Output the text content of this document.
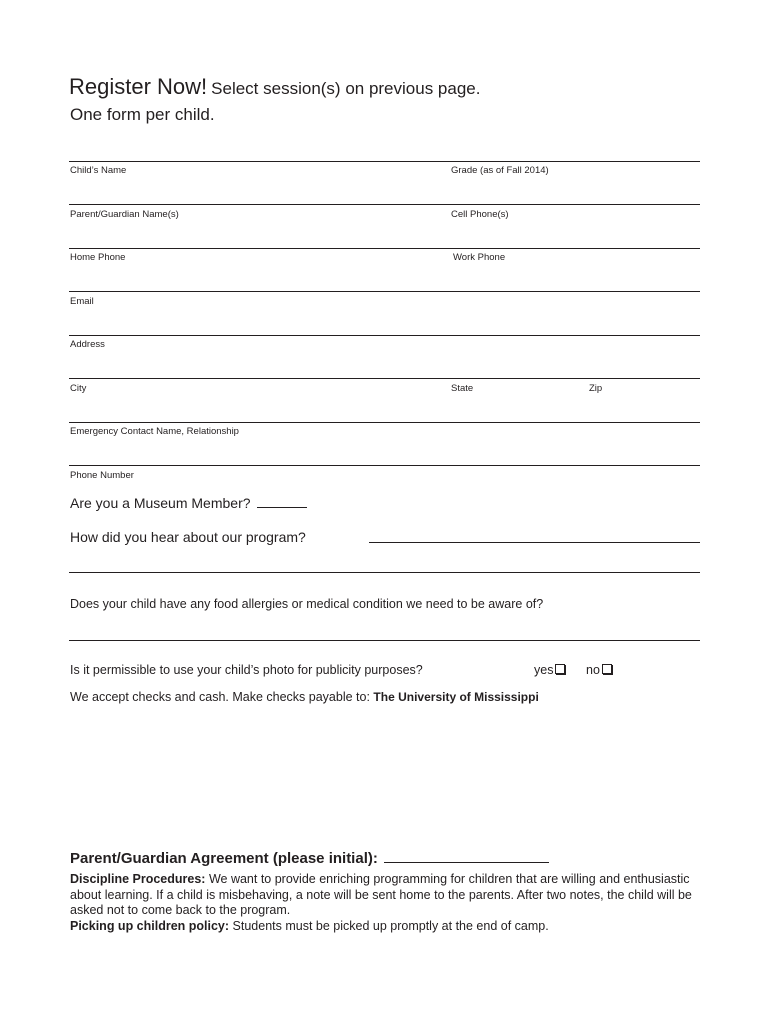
Register Now! Select session(s) on previous page.
One form per child.
Child’s Name	Grade (as of Fall 2014)
Parent/Guardian Name(s)	Cell Phone(s)
Home Phone	Work Phone
Email
Address
City	State	Zip
Emergency Contact Name, Relationship
Phone Number
Are you a Museum Member?
How did you hear about our program?
Does your child have any food allergies or medical condition we need to be aware of?
Is it permissible to use your child’s photo for publicity purposes?	yes	no
We accept checks and cash. Make checks payable to: The University of Mississippi
Parent/Guardian Agreement (please initial):

Discipline Procedures: We want to provide enriching programming for children that are willing and enthusiastic about learning. If a child is misbehaving, a note will be sent home to the parents. After two notes, the child will be asked not to come back to the program.

Picking up children policy: Students must be picked up promptly at the end of camp.
